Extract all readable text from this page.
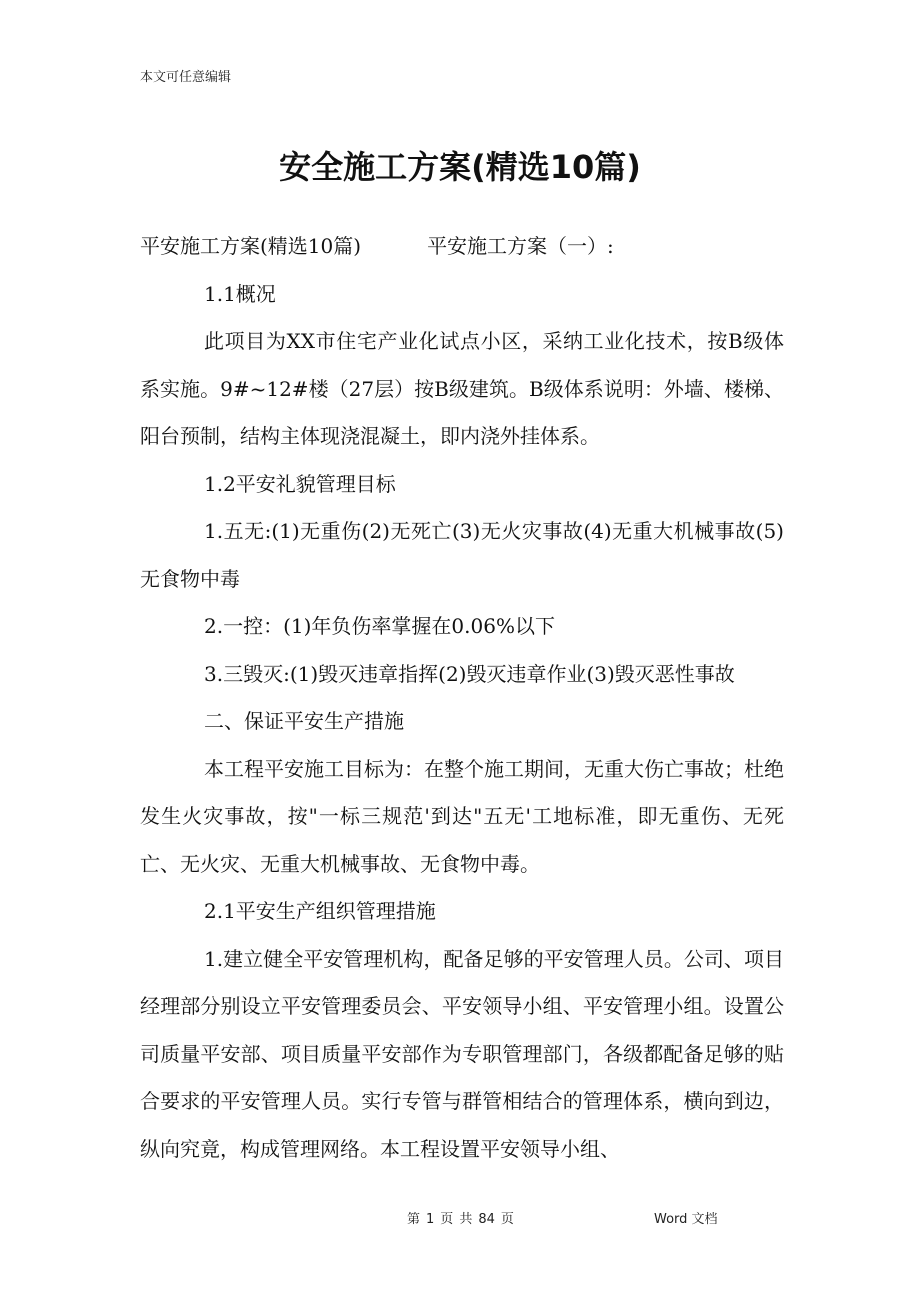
本文可任意编辑
安全施工方案(精选10篇)

平安施工方案(精选10篇)	平安施工方案（一）:

1.1概况

此项目为XX市住宅产业化试点小区，采纳工业化技术，按B级体系实施。9#~12#楼（27层）按B级建筑。B级体系说明：外墙、楼梯、阳台预制，结构主体现浇混凝土，即内浇外挂体系。

1.2平安礼貌管理目标

1.五无:(1)无重伤(2)无死亡(3)无火灾事故(4)无重大机械事故(5)无食物中毒

2.一控：(1)年负伤率掌握在0.06%以下

3.三毁灭:(1)毁灭违章指挥(2)毁灭违章作业(3)毁灭恶性事故

二、保证平安生产措施

本工程平安施工目标为：在整个施工期间，无重大伤亡事故；杜绝发生火灾事故，按"一标三规范'到达"五无'工地标准，即无重伤、无死亡、无火灾、无重大机械事故、无食物中毒。

2.1平安生产组织管理措施

1.建立健全平安管理机构，配备足够的平安管理人员。公司、项目经理部分别设立平安管理委员会、平安领导小组、平安管理小组。设置公司质量平安部、项目质量平安部作为专职管理部门，各级都配备足够的贴合要求的平安管理人员。实行专管与群管相结合的管理体系，横向到边，纵向究竟，构成管理网络。本工程设置平安领导小组、

第 1 页 共 84 页	Word 文档
